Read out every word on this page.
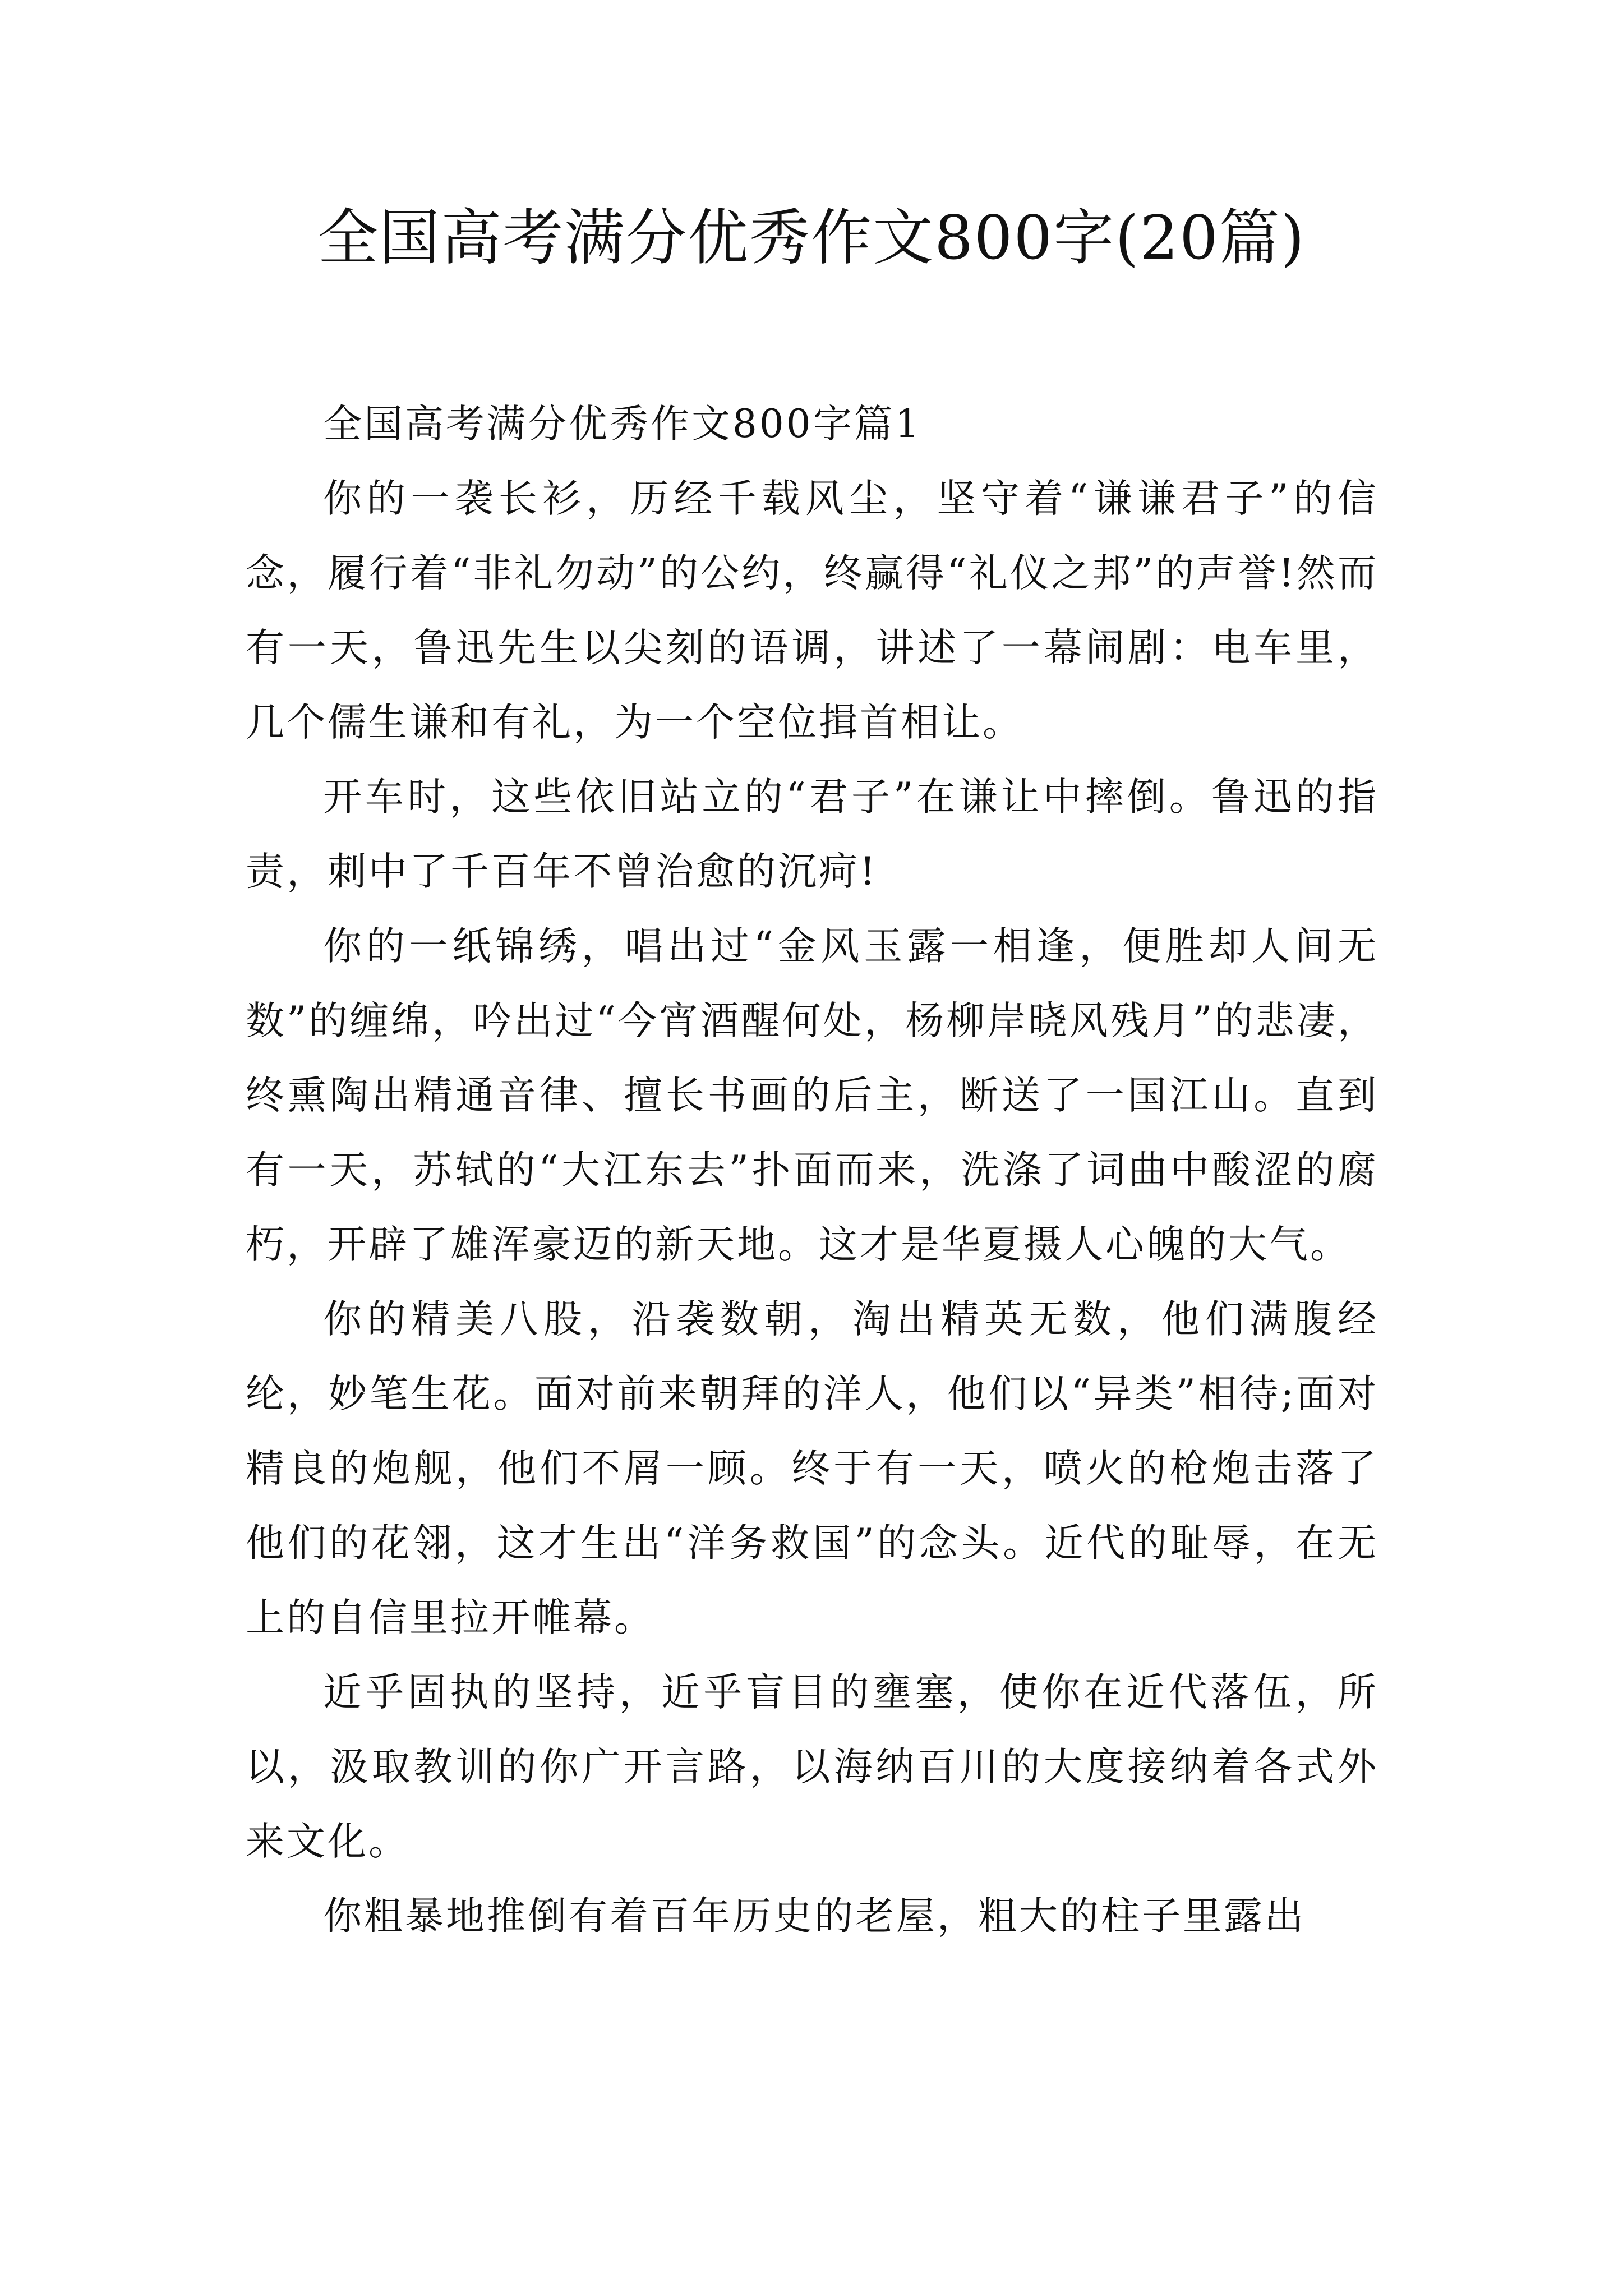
全国高考满分优秀作文800字(20篇)

全国高考满分优秀作文800字篇1

你的一袭长衫，历经千载风尘，坚守着“谦谦君子”的信念，履行着“非礼勿动”的公约，终赢得“礼仪之邦”的声誉!然而有一天，鲁迅先生以尖刻的语调，讲述了一幕闹剧：电车里，几个儒生谦和有礼，为一个空位揖首相让。

开车时，这些依旧站立的“君子”在谦让中摔倒。鲁迅的指责，刺中了千百年不曾治愈的沉疴!

你的一纸锦绣，唱出过“金风玉露一相逢，便胜却人间无数”的缠绵，吟出过“今宵酒醒何处，杨柳岸晓风残月”的悲凄，终熏陶出精通音律、擅长书画的后主，断送了一国江山。直到有一天，苏轼的“大江东去”扑面而来，洗涤了词曲中酸涩的腐朽，开辟了雄浑豪迈的新天地。这才是华夏摄人心魄的大气。

你的精美八股，沿袭数朝，淘出精英无数，他们满腹经纶，妙笔生花。面对前来朝拜的洋人，他们以“异类”相待;面对精良的炮舰，他们不屑一顾。终于有一天，喷火的枪炮击落了他们的花翎，这才生出“洋务救国”的念头。近代的耻辱，在无上的自信里拉开帷幕。

近乎固执的坚持，近乎盲目的壅塞，使你在近代落伍，所以，汲取教训的你广开言路，以海纳百川的大度接纳着各式外来文化。

你粗暴地推倒有着百年历史的老屋，粗大的柱子里露出
